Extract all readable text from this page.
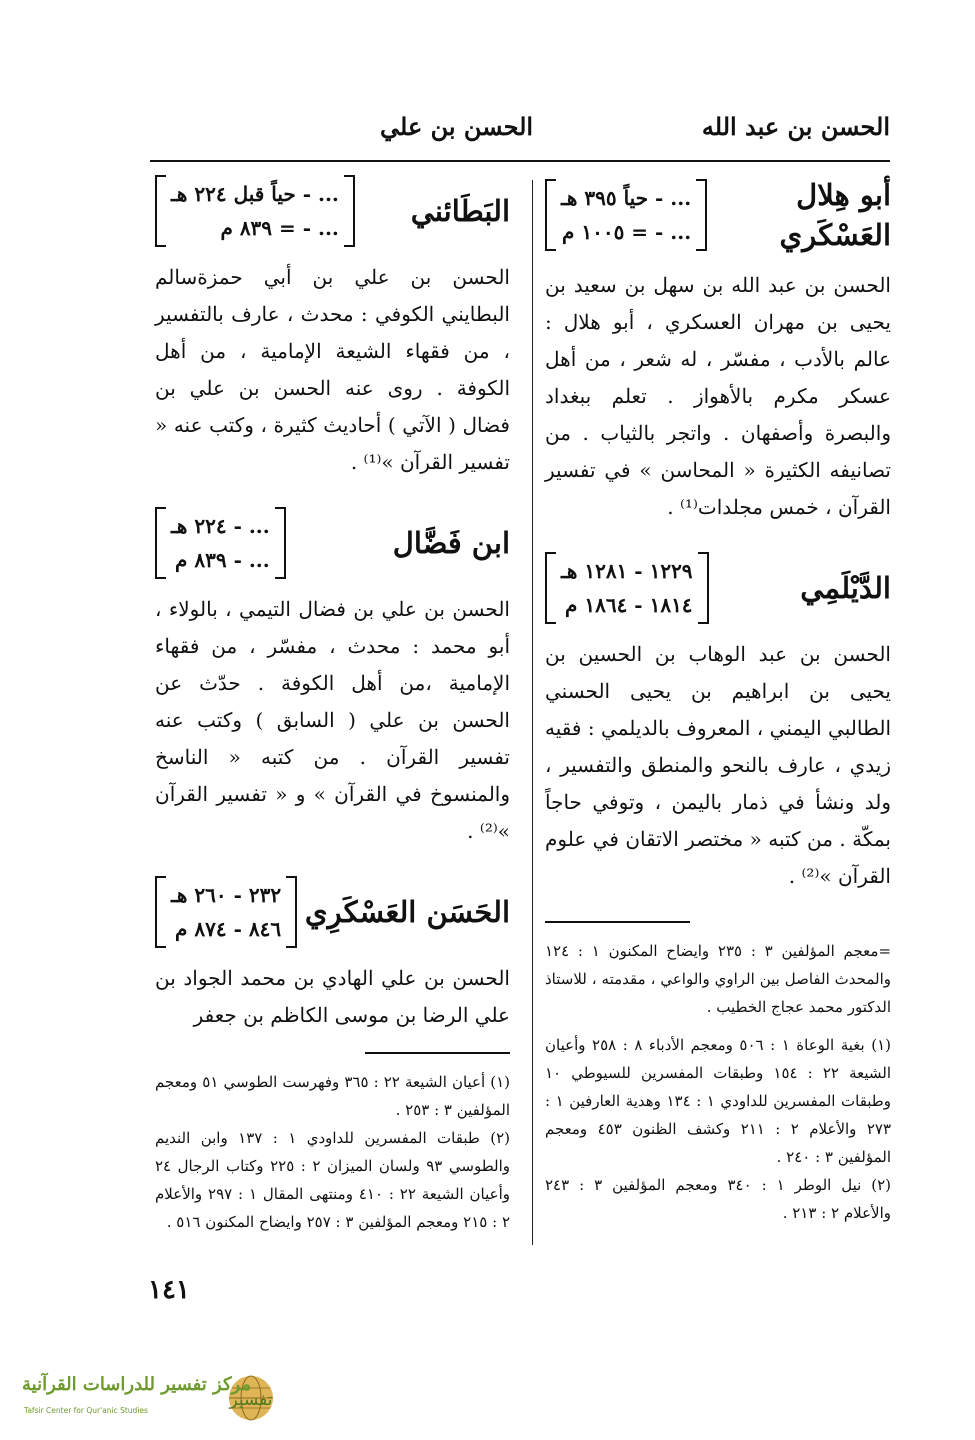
الحسن بن عبد الله
الحسن بن علي
أبو هِلال
العَسْكَري
... - حياً ٣٩٥ هـ
... - = ١٠٠٥ م

الحسن بن عبد الله بن سهل بن سعيد بن يحيى بن مهران العسكري ، أبو هلال : عالم بالأدب ، مفسّر ، له شعر ، من أهل عسكر مكرم بالأهواز . تعلم ببغداد والبصرة وأصفهان . واتجر بالثياب . من تصانيفه الكثيرة « المحاسن » في تفسير القرآن ، خمس مجلدات⁽¹⁾ .

الدَّيْلَمِي
١٢٢٩ - ١٢٨١ هـ
١٨١٤ - ١٨٦٤ م

الحسن بن عبد الوهاب بن الحسين بن يحيى بن ابراهيم بن يحيى الحسني الطالبي اليمني ، المعروف بالديلمي : فقيه زيدي ، عارف بالنحو والمنطق والتفسير ، ولد ونشأ في ذمار باليمن ، وتوفي حاجاً بمكّة . من كتبه « مختصر الاتقان في علوم القرآن »⁽²⁾ .

=معجم المؤلفين ٣ : ٢٣٥ وايضاح المكنون ١ : ١٢٤ والمحدث الفاصل بين الراوي والواعي ، مقدمته ، للاستاذ الدكتور محمد عجاج الخطيب .

(١) بغية الوعاة ١ : ٥٠٦ ومعجم الأدباء ٨ : ٢٥٨ وأعيان الشيعة ٢٢ : ١٥٤ وطبقات المفسرين للسيوطي ١٠ وطبقات المفسرين للداودي ١ : ١٣٤ وهدية العارفين ١ : ٢٧٣ والأعلام ٢ : ٢١١ وكشف الظنون ٤٥٣ ومعجم المؤلفين ٣ : ٢٤٠ .

(٢) نيل الوطر ١ : ٣٤٠ ومعجم المؤلفين ٣ : ٢٤٣ والأعلام ٢ : ٢١٣ .

البَطَائني
... - حياً قبل ٢٢٤ هـ
... - = ٨٣٩ م

الحسن بن علي بن أبي حمزةسالم البطايني الكوفي : محدث ، عارف بالتفسير ، من فقهاء الشيعة الإمامية ، من أهل الكوفة . روى عنه الحسن بن علي بن فضال ( الآتي ) أحاديث كثيرة ، وكتب عنه « تفسير القرآن »⁽¹⁾ .

ابن فَضَّال
... - ٢٢٤ هـ
... - ٨٣٩ م

الحسن بن علي بن فضال التيمي ، بالولاء ، أبو محمد : محدث ، مفسّر ، من فقهاء الإمامية ،من أهل الكوفة . حدّث عن الحسن بن علي ( السابق ) وكتب عنه تفسير القرآن . من كتبه « الناسخ والمنسوخ في القرآن » و « تفسير القرآن »⁽²⁾ .

الحَسَن العَسْكَرِي
٢٣٢ - ٢٦٠ هـ
٨٤٦ - ٨٧٤ م

الحسن بن علي الهادي بن محمد الجواد بن علي الرضا بن موسى الكاظم بن جعفر

(١) أعيان الشيعة ٢٢ : ٣٦٥ وفهرست الطوسي ٥١ ومعجم المؤلفين ٣ : ٢٥٣ .

(٢) طبقات المفسرين للداودي ١ : ١٣٧ وابن النديم والطوسي ٩٣ ولسان الميزان ٢ : ٢٢٥ وكتاب الرجال ٢٤ وأعيان الشيعة ٢٢ : ٤١٠ ومنتهى المقال ١ : ٢٩٧ والأعلام ٢ : ٢١٥ ومعجم المؤلفين ٣ : ٢٥٧ وايضاح المكنون ٥١٦ .

١٤١
تفسير
مركز تفسير للدراسات القرآنية
Tafsir Center for Qur'anic Studies
